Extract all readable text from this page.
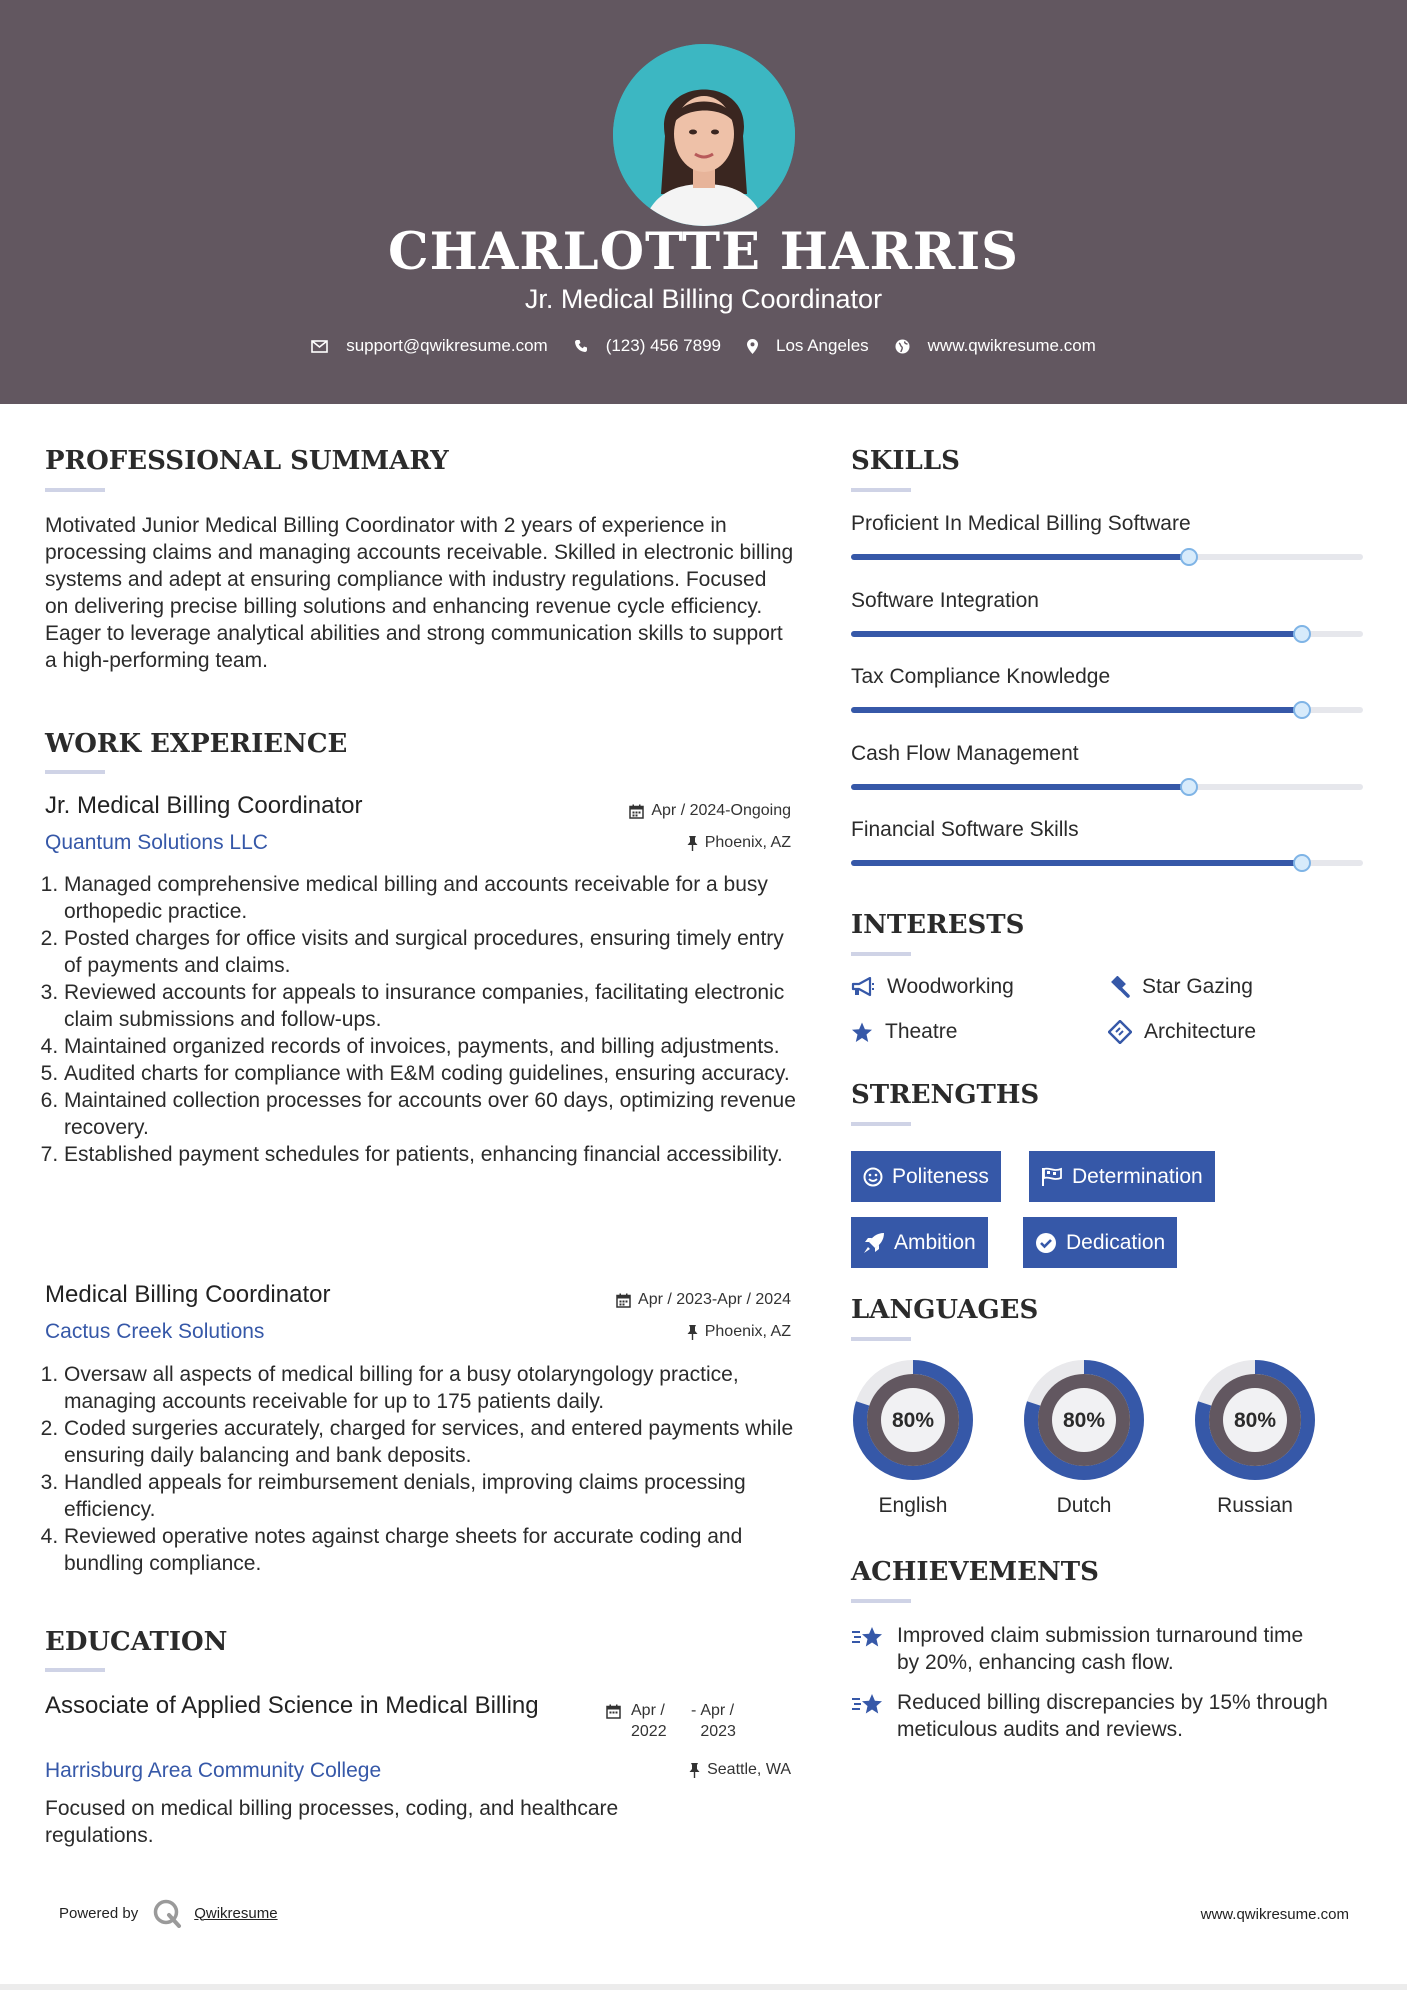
CHARLOTTE HARRIS
Jr. Medical Billing Coordinator
support@qwikresume.com	(123) 456 7899	Los Angeles	www.qwikresume.com
PROFESSIONAL SUMMARY
Motivated Junior Medical Billing Coordinator with 2 years of experience in processing claims and managing accounts receivable. Skilled in electronic billing systems and adept at ensuring compliance with industry regulations. Focused on delivering precise billing solutions and enhancing revenue cycle efficiency. Eager to leverage analytical abilities and strong communication skills to support a high-performing team.
WORK EXPERIENCE
Jr. Medical Billing Coordinator	Apr / 2024-Ongoing
Quantum Solutions LLC	Phoenix, AZ
1. Managed comprehensive medical billing and accounts receivable for a busy orthopedic practice.
2. Posted charges for office visits and surgical procedures, ensuring timely entry of payments and claims.
3. Reviewed accounts for appeals to insurance companies, facilitating electronic claim submissions and follow-ups.
4. Maintained organized records of invoices, payments, and billing adjustments.
5. Audited charts for compliance with E&M coding guidelines, ensuring accuracy.
6. Maintained collection processes for accounts over 60 days, optimizing revenue recovery.
7. Established payment schedules for patients, enhancing financial accessibility.
Medical Billing Coordinator	Apr / 2023-Apr / 2024
Cactus Creek Solutions	Phoenix, AZ
1. Oversaw all aspects of medical billing for a busy otolaryngology practice, managing accounts receivable for up to 175 patients daily.
2. Coded surgeries accurately, charged for services, and entered payments while ensuring daily balancing and bank deposits.
3. Handled appeals for reimbursement denials, improving claims processing efficiency.
4. Reviewed operative notes against charge sheets for accurate coding and bundling compliance.
EDUCATION
Associate of Applied Science in Medical Billing	Apr / 2022
- Apr / 2023
Harrisburg Area Community College	Seattle, WA
Focused on medical billing processes, coding, and healthcare regulations.
SKILLS
Proficient In Medical Billing Software
Software Integration
Tax Compliance Knowledge
Cash Flow Management
Financial Software Skills
INTERESTS
Woodworking	Star Gazing
Theatre	Architecture
STRENGTHS
Politeness	Determination
Ambition	Dedication
LANGUAGES
80%
English
80%
Dutch
80%
Russian
ACHIEVEMENTS
Improved claim submission turnaround time by 20%, enhancing cash flow.
Reduced billing discrepancies by 15% through meticulous audits and reviews.
Powered by	Qwikresume	www.qwikresume.com
